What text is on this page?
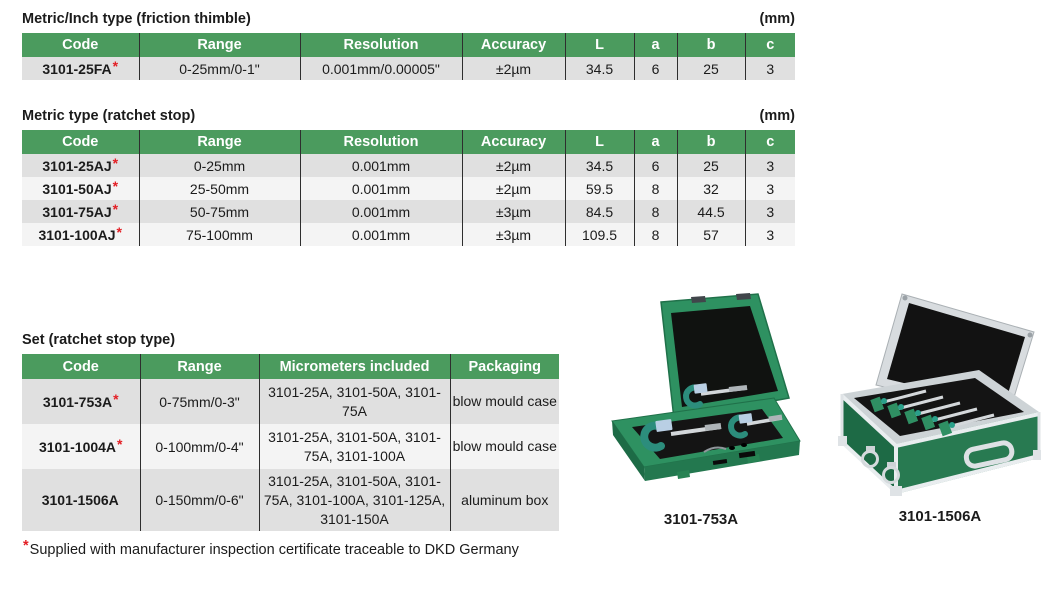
Metric/Inch type (friction thimble)	(mm)
Code	Range	Resolution	Accuracy	L	a	b	c
3101-25FA*	0-25mm/0-1"	0.001mm/0.00005"	±2µm	34.5	6	25	3
Metric type (ratchet stop)	(mm)
Code	Range	Resolution	Accuracy	L	a	b	c
3101-25AJ*	0-25mm	0.001mm	±2µm	34.5	6	25	3
3101-50AJ*	25-50mm	0.001mm	±2µm	59.5	8	32	3
3101-75AJ*	50-75mm	0.001mm	±3µm	84.5	8	44.5	3
3101-100AJ*	75-100mm	0.001mm	±3µm	109.5	8	57	3
Set (ratchet stop type)
Code	Range	Micrometers included	Packaging
3101-753A*	0-75mm/0-3"	3101-25A, 3101-50A, 3101-75A	blow mould case
3101-1004A*	0-100mm/0-4"	3101-25A, 3101-50A, 3101-75A, 3101-100A	blow mould case
3101-1506A	0-150mm/0-6"	3101-25A, 3101-50A, 3101-75A, 3101-100A, 3101-125A, 3101-150A	aluminum box
3101-753A	3101-1506A
*Supplied with manufacturer inspection certificate traceable to DKD Germany
